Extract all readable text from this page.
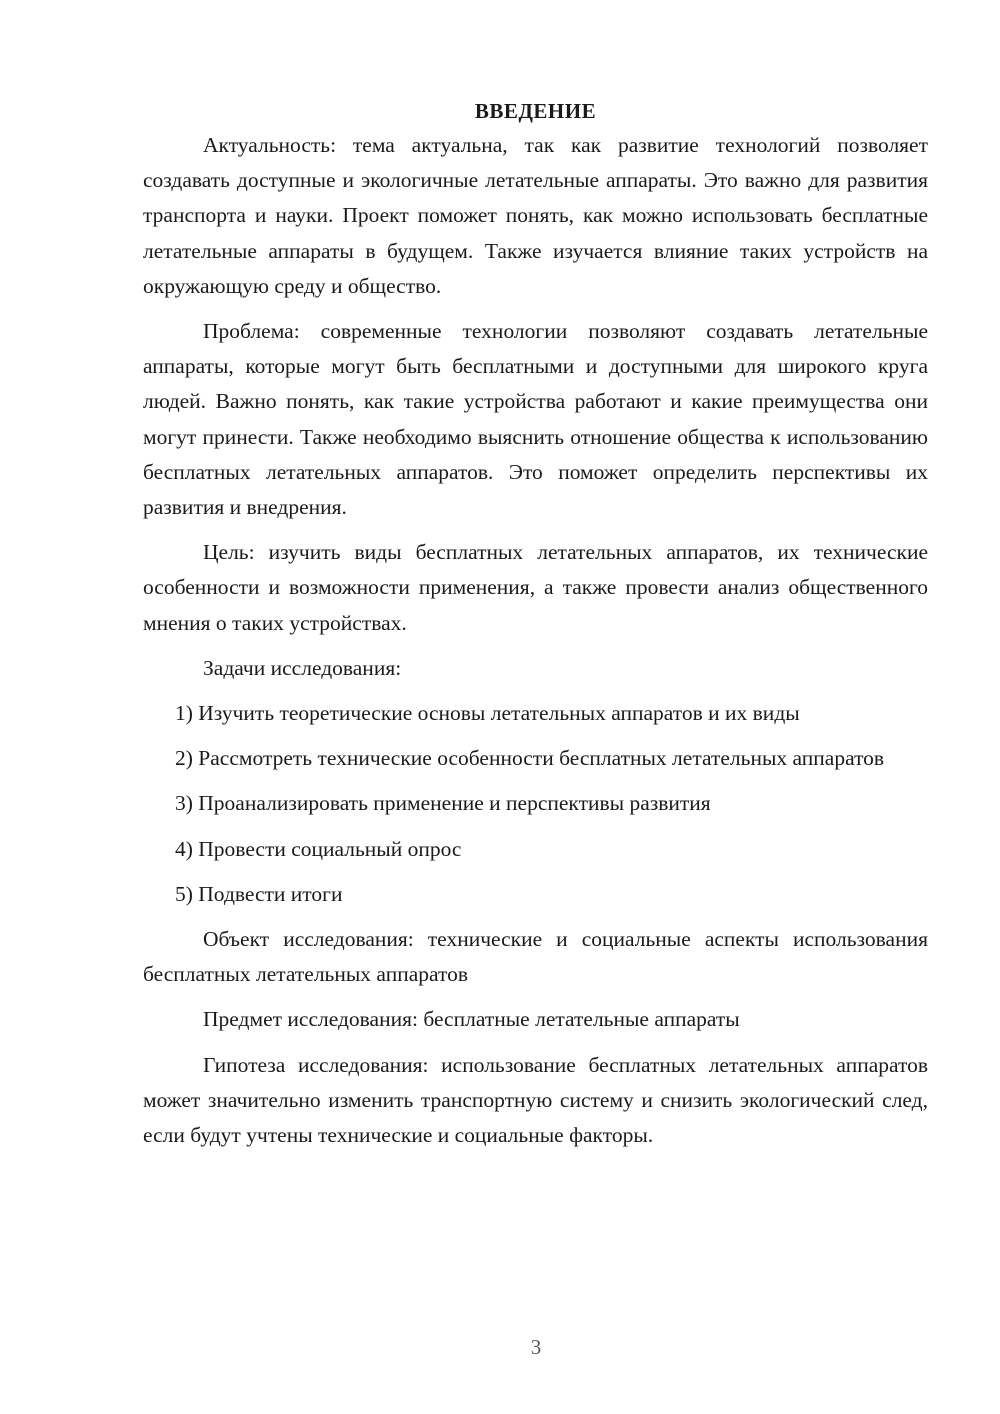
ВВЕДЕНИЕ

Актуальность: тема актуальна, так как развитие технологий позволяет создавать доступные и экологичные летательные аппараты. Это важно для развития транспорта и науки. Проект поможет понять, как можно использовать бесплатные летательные аппараты в будущем. Также изучается влияние таких устройств на окружающую среду и общество.

Проблема: современные технологии позволяют создавать летательные аппараты, которые могут быть бесплатными и доступными для широкого круга людей. Важно понять, как такие устройства работают и какие преимущества они могут принести. Также необходимо выяснить отношение общества к использованию бесплатных летательных аппаратов. Это поможет определить перспективы их развития и внедрения.

Цель: изучить виды бесплатных летательных аппаратов, их технические особенности и возможности применения, а также провести анализ общественного мнения о таких устройствах.

Задачи исследования:

1) Изучить теоретические основы летательных аппаратов и их виды

2) Рассмотреть технические особенности бесплатных летательных аппаратов

3) Проанализировать применение и перспективы развития

4) Провести социальный опрос

5) Подвести итоги

Объект исследования: технические и социальные аспекты использования бесплатных летательных аппаратов

Предмет исследования: бесплатные летательные аппараты

Гипотеза исследования: использование бесплатных летательных аппаратов может значительно изменить транспортную систему и снизить экологический след, если будут учтены технические и социальные факторы.

3
